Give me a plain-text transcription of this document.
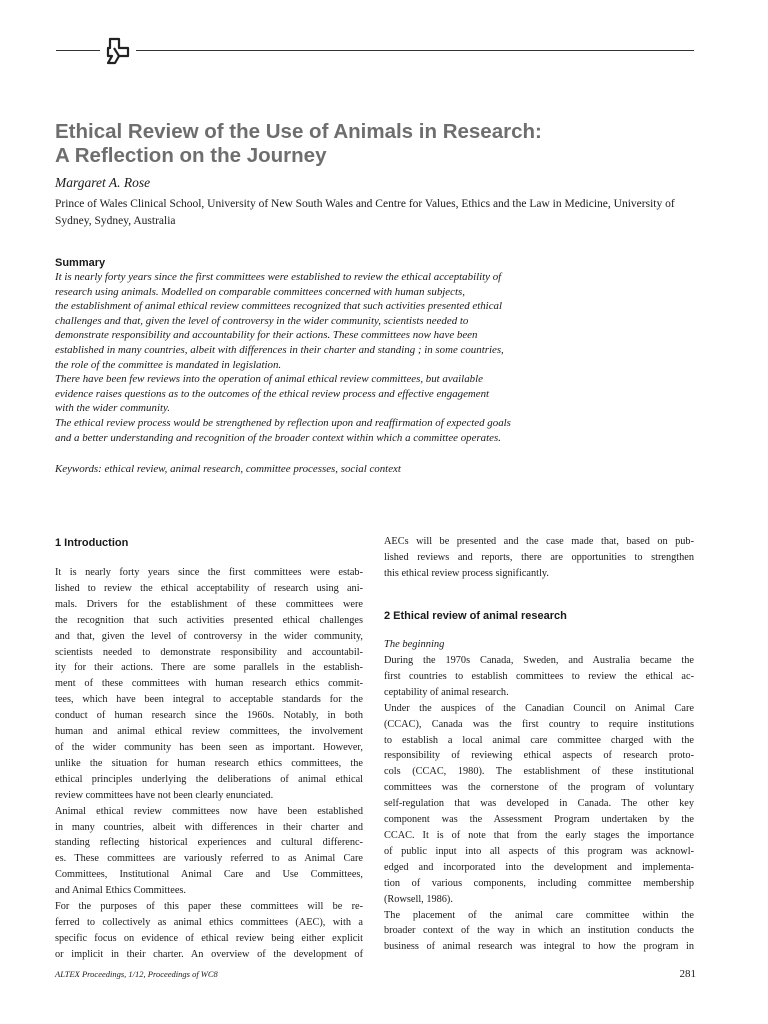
Ethical Review of the Use of Animals in Research:
A Reflection on the Journey
Margaret A. Rose
Prince of Wales Clinical School, University of New South Wales and Centre for Values, Ethics and the Law in Medicine, University of Sydney, Sydney, Australia
Summary
It is nearly forty years since the first committees were established to review the ethical acceptability of
research using animals. Modelled on comparable committees concerned with human subjects,
the establishment of animal ethical review committees recognized that such activities presented ethical
challenges and that, given the level of controversy in the wider community, scientists needed to
demonstrate responsibility and accountability for their actions. These committees now have been
established in many countries, albeit with differences in their charter and standing ; in some countries,
the role of the committee is mandated in legislation.
There have been few reviews into the operation of animal ethical review committees, but available
evidence raises questions as to the outcomes of the ethical review process and effective engagement
with the wider community.
The ethical review process would be strengthened by reflection upon and reaffirmation of expected goals
and a better understanding and recognition of the broader context within which a committee operates.
Keywords: ethical review, animal research, committee processes, social context
1 Introduction
It is nearly forty years since the first committees were estab-
lished to review the ethical acceptability of research using ani-
mals. Drivers for the establishment of these committees were
the recognition that such activities presented ethical challenges
and that, given the level of controversy in the wider community,
scientists needed to demonstrate responsibility and accountabil-
ity for their actions. There are some parallels in the establish-
ment of these committees with human research ethics commit-
tees, which have been integral to acceptable standards for the
conduct of human research since the 1960s. Notably, in both
human and animal ethical review committees, the involvement
of the wider community has been seen as important. However,
unlike the situation for human research ethics committees, the
ethical principles underlying the deliberations of animal ethical
review committees have not been clearly enunciated.
Animal ethical review committees now have been established
in many countries, albeit with differences in their charter and
standing reflecting historical experiences and cultural differenc-
es. These committees are variously referred to as Animal Care
Committees, Institutional Animal Care and Use Committees,
and Animal Ethics Committees.
For the purposes of this paper these committees will be re-
ferred to collectively as animal ethics committees (AEC), with a
specific focus on evidence of ethical review being either explicit
or implicit in their charter. An overview of the development of
AECs will be presented and the case made that, based on pub-
lished reviews and reports, there are opportunities to strengthen
this ethical review process significantly.
2 Ethical review of animal research
The beginning
During the 1970s Canada, Sweden, and Australia became the
first countries to establish committees to review the ethical ac-
ceptability of animal research.
Under the auspices of the Canadian Council on Animal Care
(CCAC), Canada was the first country to require institutions
to establish a local animal care committee charged with the
responsibility of reviewing ethical aspects of research proto-
cols (CCAC, 1980). The establishment of these institutional
committees was the cornerstone of the program of voluntary
self-regulation that was developed in Canada. The other key
component was the Assessment Program undertaken by the
CCAC. It is of note that from the early stages the importance
of public input into all aspects of this program was acknowl-
edged and incorporated into the development and implementa-
tion of various components, including committee membership
(Rowsell, 1986).
The placement of the animal care committee within the
broader context of the way in which an institution conducts the
business of animal research was integral to how the program in
ALTEX Proceedings, 1/12, Proceedings of WC8	281
